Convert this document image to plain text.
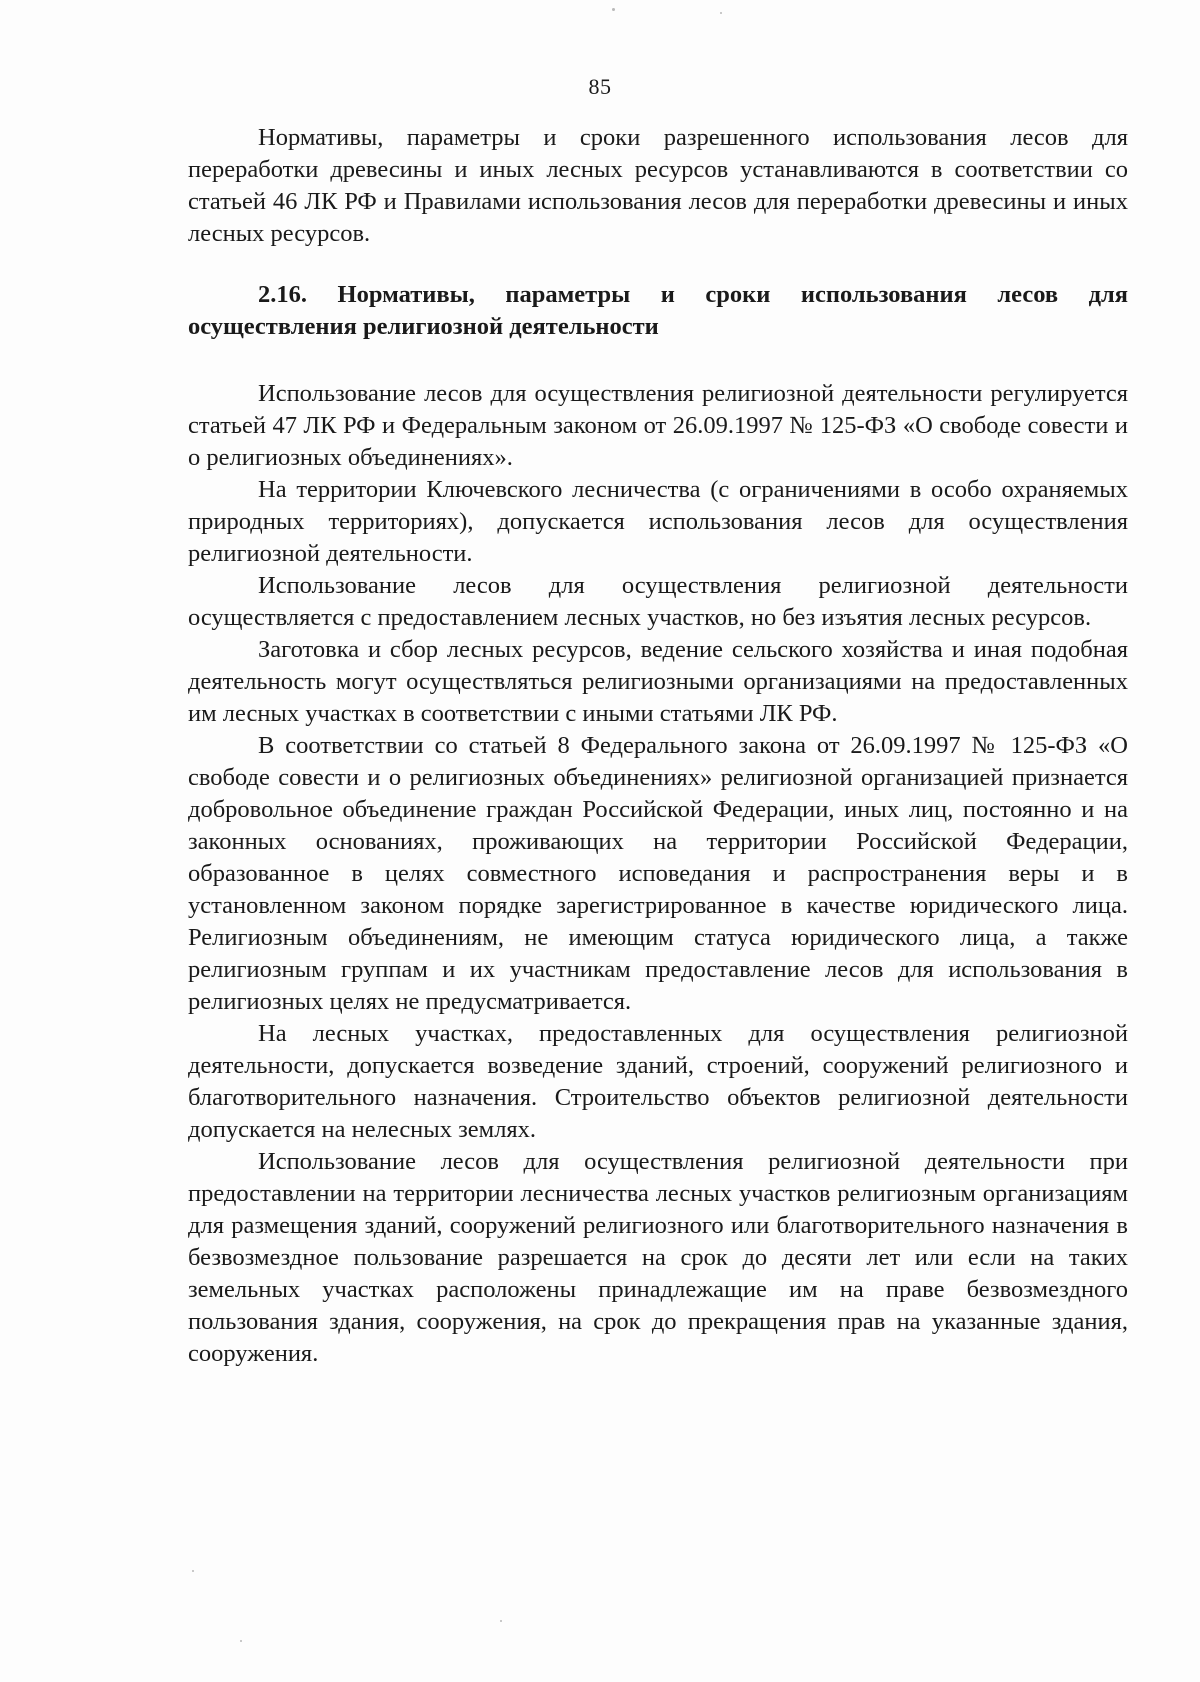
85

Нормативы, параметры и сроки разрешенного использования лесов для переработки древесины и иных лесных ресурсов устанавливаются в соответствии со статьей 46 ЛК РФ и Правилами использования лесов для переработки древесины и иных лесных ресурсов.

2.16. Нормативы, параметры и сроки использования лесов для осуществления религиозной деятельности

Использование лесов для осуществления религиозной деятельности регулируется статьей 47 ЛК РФ и Федеральным законом от 26.09.1997 № 125-ФЗ «О свободе совести и о религиозных объединениях».

На территории Ключевского лесничества (с ограничениями в особо охраняемых природных территориях), допускается использования лесов для осуществления религиозной деятельности.

Использование лесов для осуществления религиозной деятельности осуществляется с предоставлением лесных участков, но без изъятия лесных ресурсов.

Заготовка и сбор лесных ресурсов, ведение сельского хозяйства и иная подобная деятельность могут осуществляться религиозными организациями на предоставленных им лесных участках в соответствии с иными статьями ЛК РФ.

В соответствии со статьей 8 Федерального закона от 26.09.1997 № 125-ФЗ «О свободе совести и о религиозных объединениях» религиозной организацией признается добровольное объединение граждан Российской Федерации, иных лиц, постоянно и на законных основаниях, проживающих на территории Российской Федерации, образованное в целях совместного исповедания и распространения веры и в установленном законом порядке зарегистрированное в качестве юридического лица. Религиозным объединениям, не имеющим статуса юридического лица, а также религиозным группам и их участникам предоставление лесов для использования в религиозных целях не предусматривается.

На лесных участках, предоставленных для осуществления религиозной деятельности, допускается возведение зданий, строений, сооружений религиозного и благотворительного назначения. Строительство объектов религиозной деятельности допускается на нелесных землях.

Использование лесов для осуществления религиозной деятельности при предоставлении на территории лесничества лесных участков религиозным организациям для размещения зданий, сооружений религиозного или благотворительного назначения в безвозмездное пользование разрешается на срок до десяти лет или если на таких земельных участках расположены принадлежащие им на праве безвозмездного пользования здания, сооружения, на срок до прекращения прав на указанные здания, сооружения.
